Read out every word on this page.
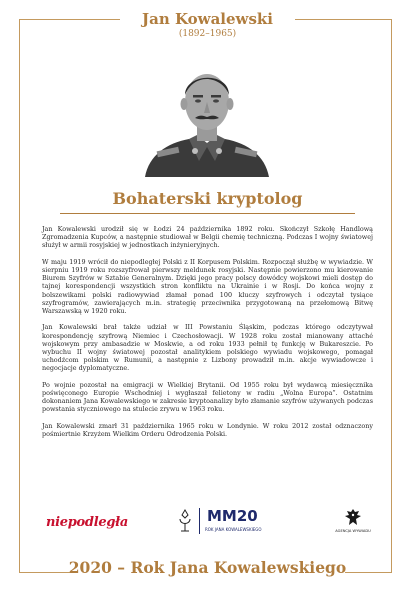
Jan Kowalewski
(1892–1965)
Bohaterski kryptolog

Jan Kowalewski urodził się w Łodzi 24 października 1892 roku. Skończył Szkołę Handlową Zgromadzenia Kupców, a następnie studiował w Belgii chemię techniczną. Podczas I wojny światowej służył w armii rosyjskiej w jednostkach inżynieryjnych.

W maju 1919 wrócił do niepodległej Polski z II Korpusem Polskim. Rozpoczął służbę w wywiadzie. W sierpniu 1919 roku rozszyfrował pierwszy meldunek rosyjski. Następnie powierzono mu kierowanie Biurem Szyfrów w Sztabie Generalnym. Dzięki jego pracy polscy dowódcy wojskowi mieli dostęp do tajnej korespondencji wszystkich stron konfliktu na Ukrainie i w Rosji. Do końca wojny z bolszewikami polski radiowywiad złamał ponad 100 kluczy szyfrowych i odczytał tysiące szyfrogramów, zawierających m.in. strategię przeciwnika przygotowaną na przełomową Bitwę Warszawską w 1920 roku.

Jan Kowalewski brał także udział w III Powstaniu Śląskim, podczas którego odczytywał korespondencję szyfrową Niemiec i Czechosłowacji. W 1928 roku został mianowany attaché wojskowym przy ambasadzie w Moskwie, a od roku 1933 pełnił tę funkcję w Bukareszcie. Po wybuchu II wojny światowej pozostał analitykiem polskiego wywiadu wojskowego, pomagał uchodźcom polskim w Rumunii, a następnie z Lizbony prowadził m.in. akcje wywiadowcze i negocjacje dyplomatyczne.

Po wojnie pozostał na emigracji w Wielkiej Brytanii. Od 1955 roku był wydawcą miesięcznika poświęconego Europie Wschodniej i wygłaszał felietony w radiu „Wolna Europa”. Ostatnim dokonaniem Jana Kowalewskiego w zakresie kryptoanalizy było złamanie szyfrów używanych podczas powstania styczniowego na stulecie zrywu w 1963 roku.

Jan Kowalewski zmarł 31 października 1965 roku w Londynie. W roku 2012 został odznaczony pośmiertnie Krzyżem Wielkim Orderu Odrodzenia Polski.

niepodległa	MM20
ROK JANA KOWALEWSKIEGO	AGENCJA WYWIADU
2020 – Rok Jana Kowalewskiego
